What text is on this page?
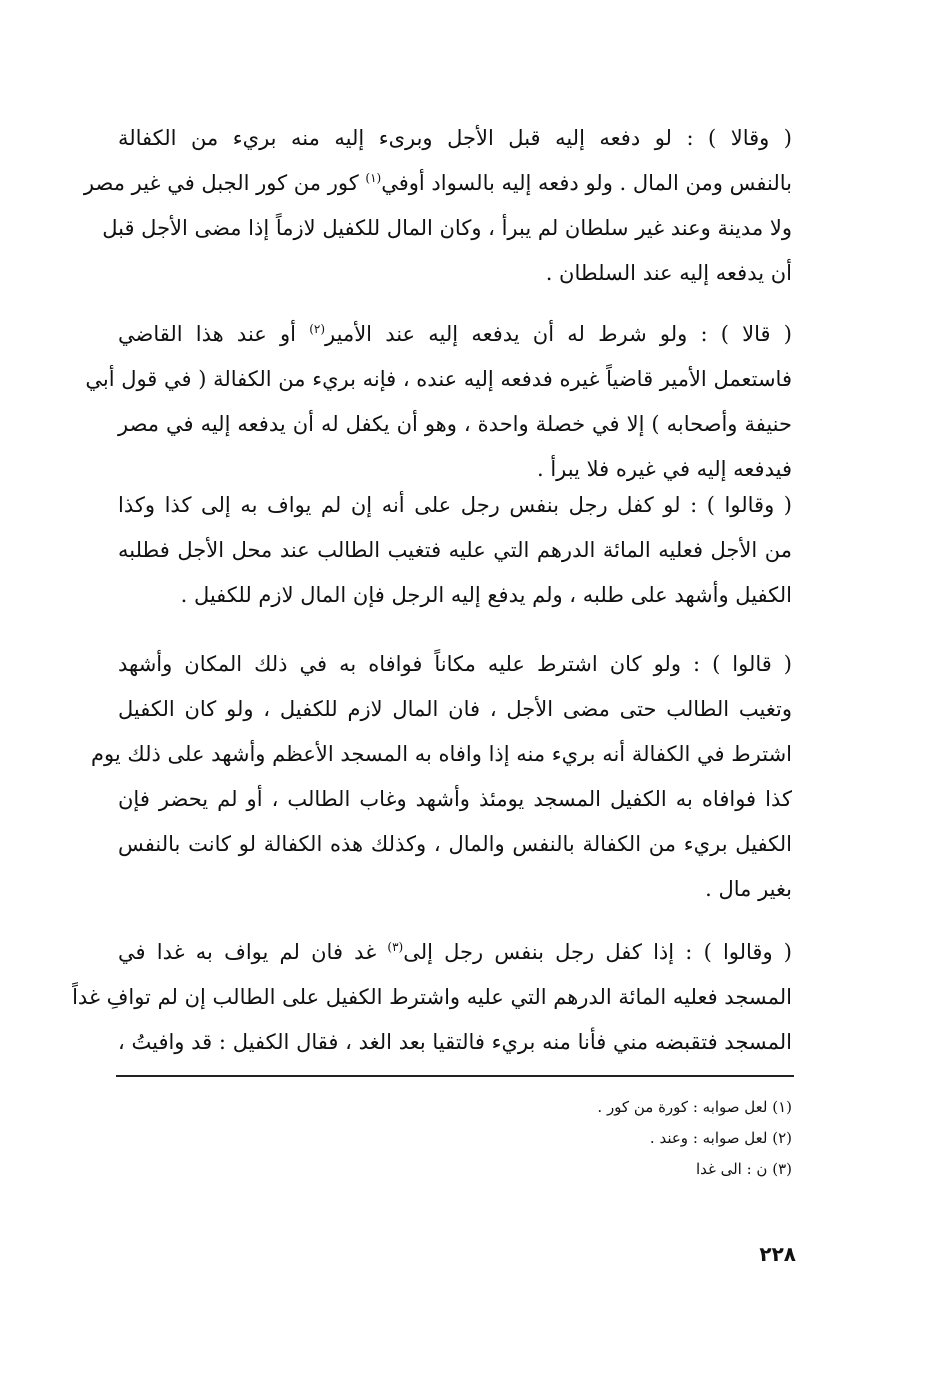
( وقالا ) : لو دفعه إليه قبل الأجل وبرىء إليه منه بريء من الكفالة
بالنفس ومن المال . ولو دفعه إليه بالسواد أوفي$^{(١)}$ كور من كور الجبل في غير مصر
ولا مدينة وعند غير سلطان لم يبرأ ، وكان المال للكفيل لازماً إذا مضى الأجل قبل
أن يدفعه إليه عند السلطان .
( قالا ) : ولو شرط له أن يدفعه إليه عند الأمير$^{(٢)}$ أو عند هذا القاضي
فاستعمل الأمير قاضياً غيره فدفعه إليه عنده ، فإنه بريء من الكفالة ( في قول أبي
حنيفة وأصحابه ) إلا في خصلة واحدة ، وهو أن يكفل له أن يدفعه إليه في مصر
فيدفعه إليه في غيره فلا يبرأ .
( وقالوا ) : لو كفل رجل بنفس رجل على أنه إن لم يواف به إلى كذا وكذا
من الأجل فعليه المائة الدرهم التي عليه فتغيب الطالب عند محل الأجل فطلبه
الكفيل وأشهد على طلبه ، ولم يدفع إليه الرجل فإن المال لازم للكفيل .
( قالوا ) : ولو كان اشترط عليه مكاناً فوافاه به في ذلك المكان وأشهد
وتغيب الطالب حتى مضى الأجل ، فان المال لازم للكفيل ، ولو كان الكفيل
اشترط في الكفالة أنه بريء منه إذا وافاه به المسجد الأعظم وأشهد على ذلك يوم
كذا فوافاه به الكفيل المسجد يومئذ وأشهد وغاب الطالب ، أو لم يحضر فإن
الكفيل بريء من الكفالة بالنفس والمال ، وكذلك هذه الكفالة لو كانت بالنفس
بغير مال .
( وقالوا ) : إذا كفل رجل بنفس رجل إلى$^{(٣)}$ غد فان لم يواف به غدا في
المسجد فعليه المائة الدرهم التي عليه واشترط الكفيل على الطالب إن لم توافِ غداً
المسجد فتقبضه مني فأنا منه بريء فالتقيا بعد الغد ، فقال الكفيل : قد وافيتُ ،
(١) لعل صوابه : كورة من كور .
(٢) لعل صوابه : وعند .
(٣) ن : الى غدا
٢٢٨
